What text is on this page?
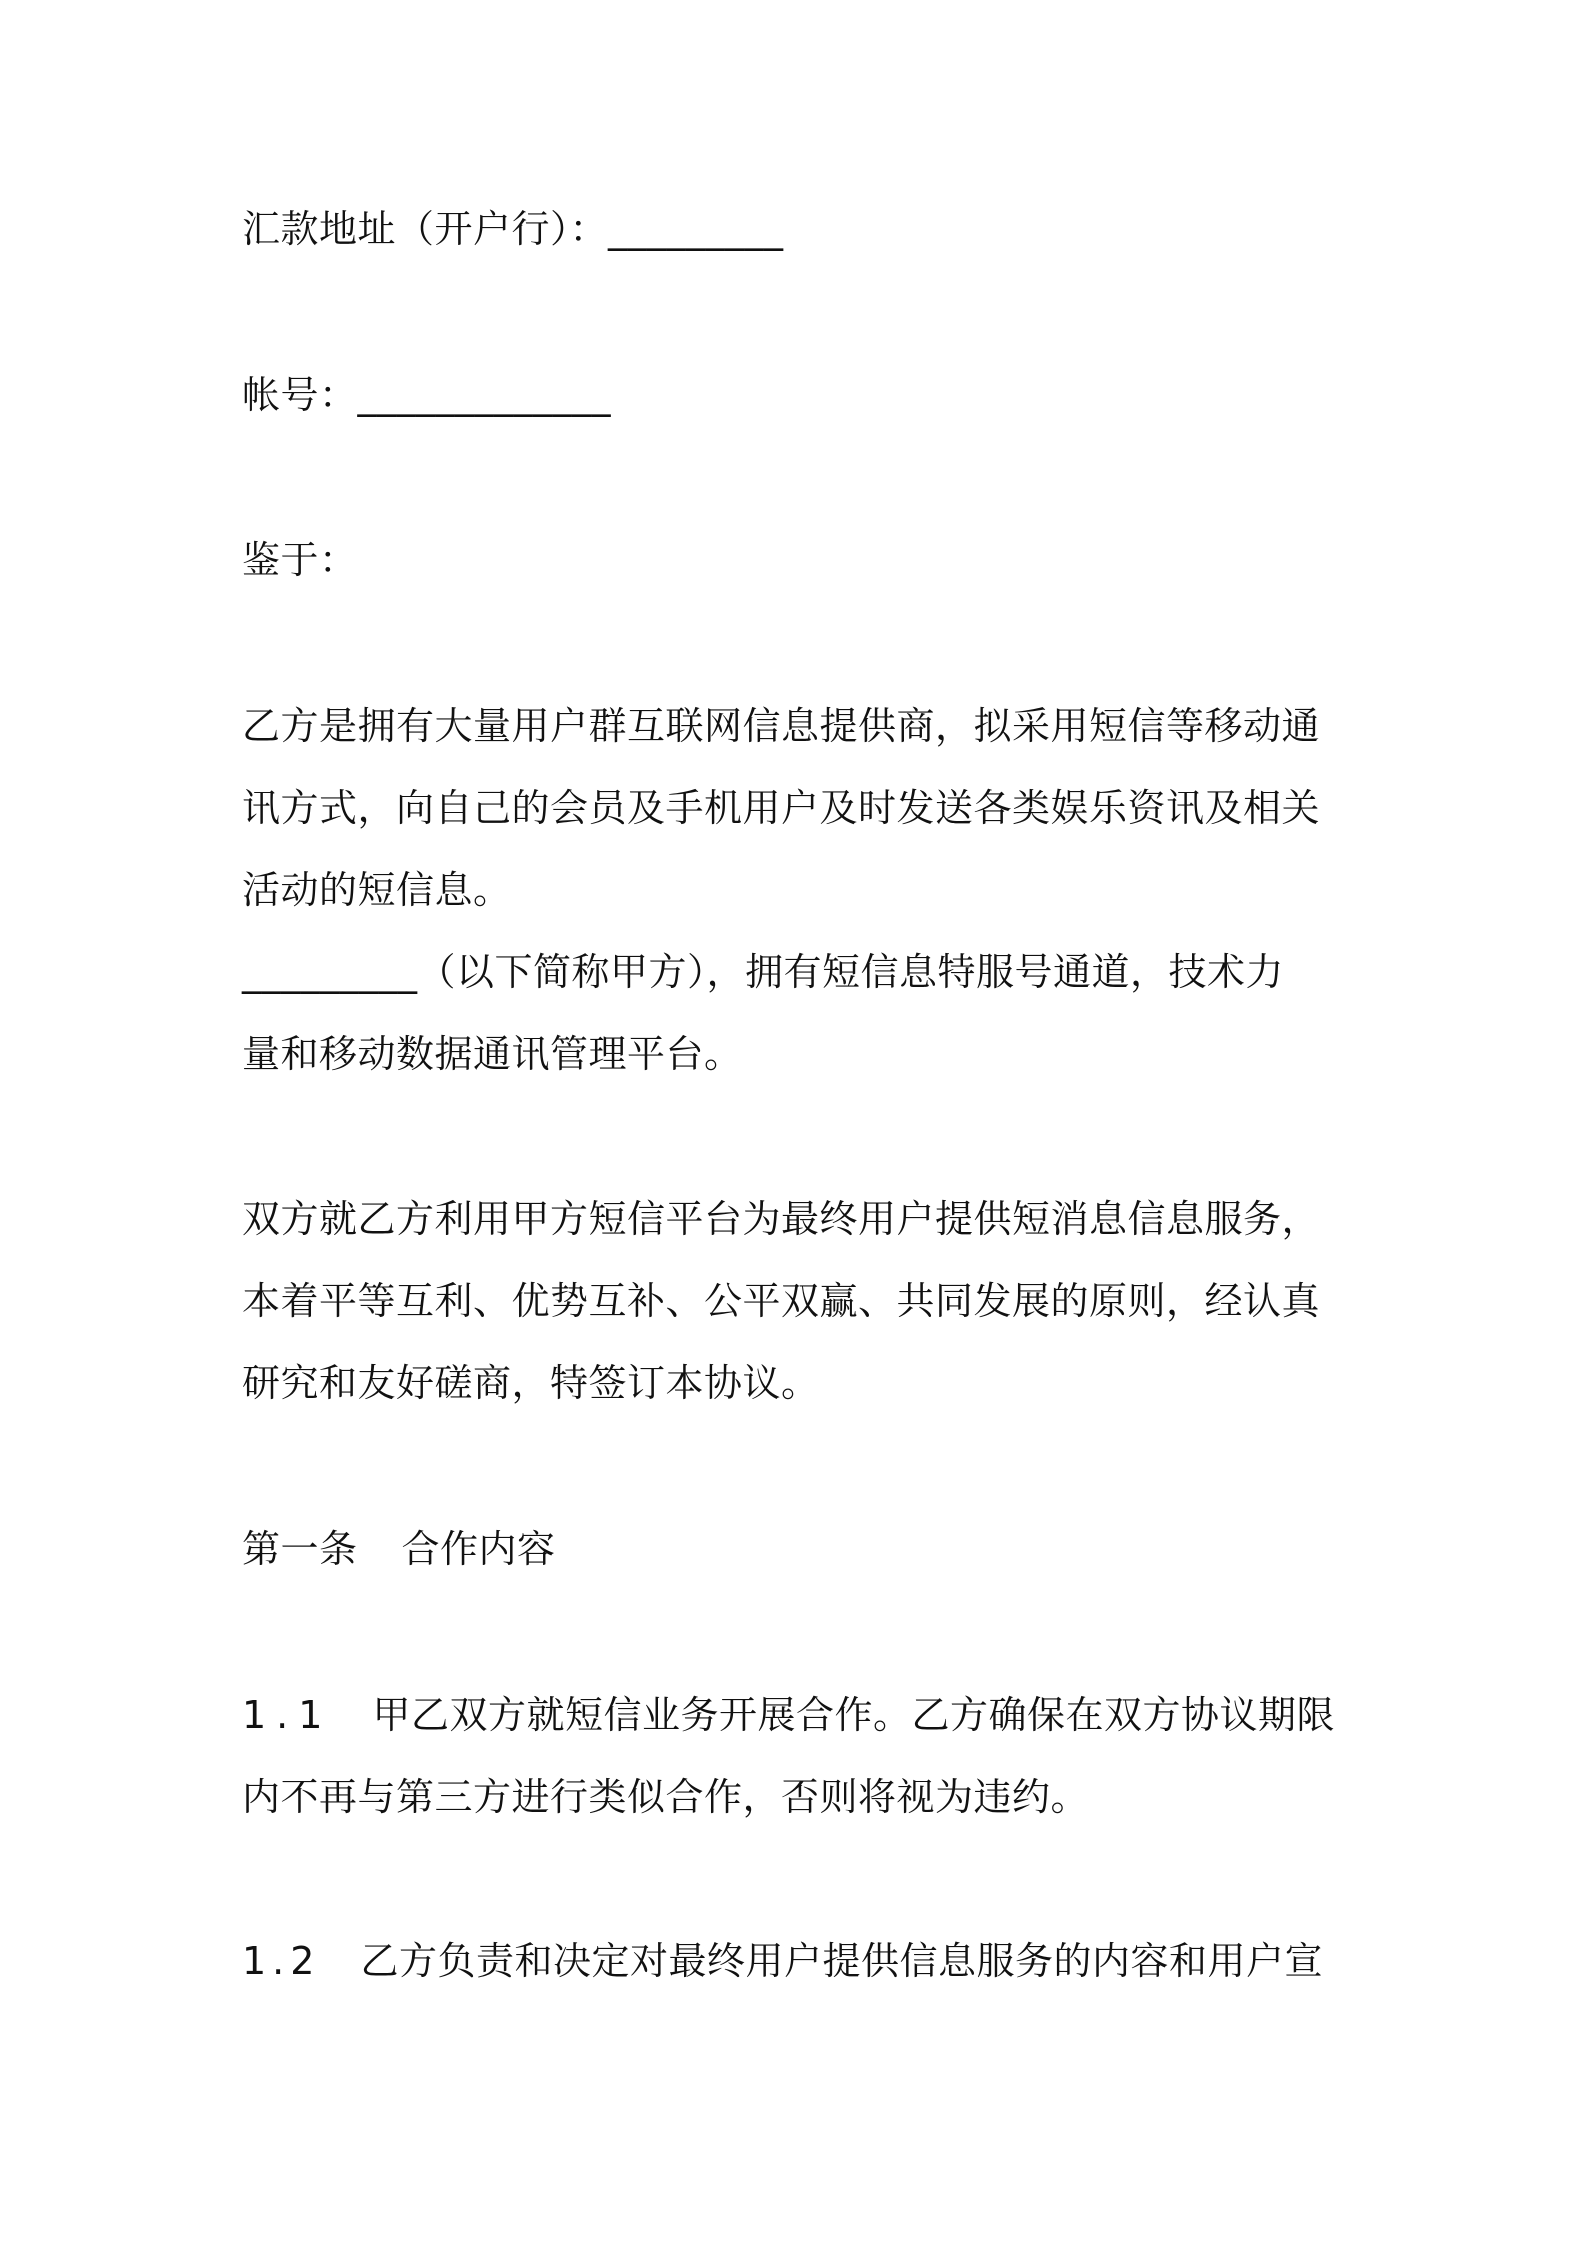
汇款地址（开户行）：_________
帐号：_____________
鉴于：
乙方是拥有大量用户群互联网信息提供商，拟采用短信等移动通
讯方式，向自己的会员及手机用户及时发送各类娱乐资讯及相关
活动的短信息。
_________（以下简称甲方），拥有短信息特服号通道，技术力
量和移动数据通讯管理平台。
双方就乙方利用甲方短信平台为最终用户提供短消息信息服务，
本着平等互利、优势互补、公平双赢、共同发展的原则，经认真
研究和友好磋商，特签订本协议。
第一条 合作内容
1.1 甲乙双方就短信业务开展合作。乙方确保在双方协议期限
内不再与第三方进行类似合作，否则将视为违约。
1.2 乙方负责和决定对最终用户提供信息服务的内容和用户宣
